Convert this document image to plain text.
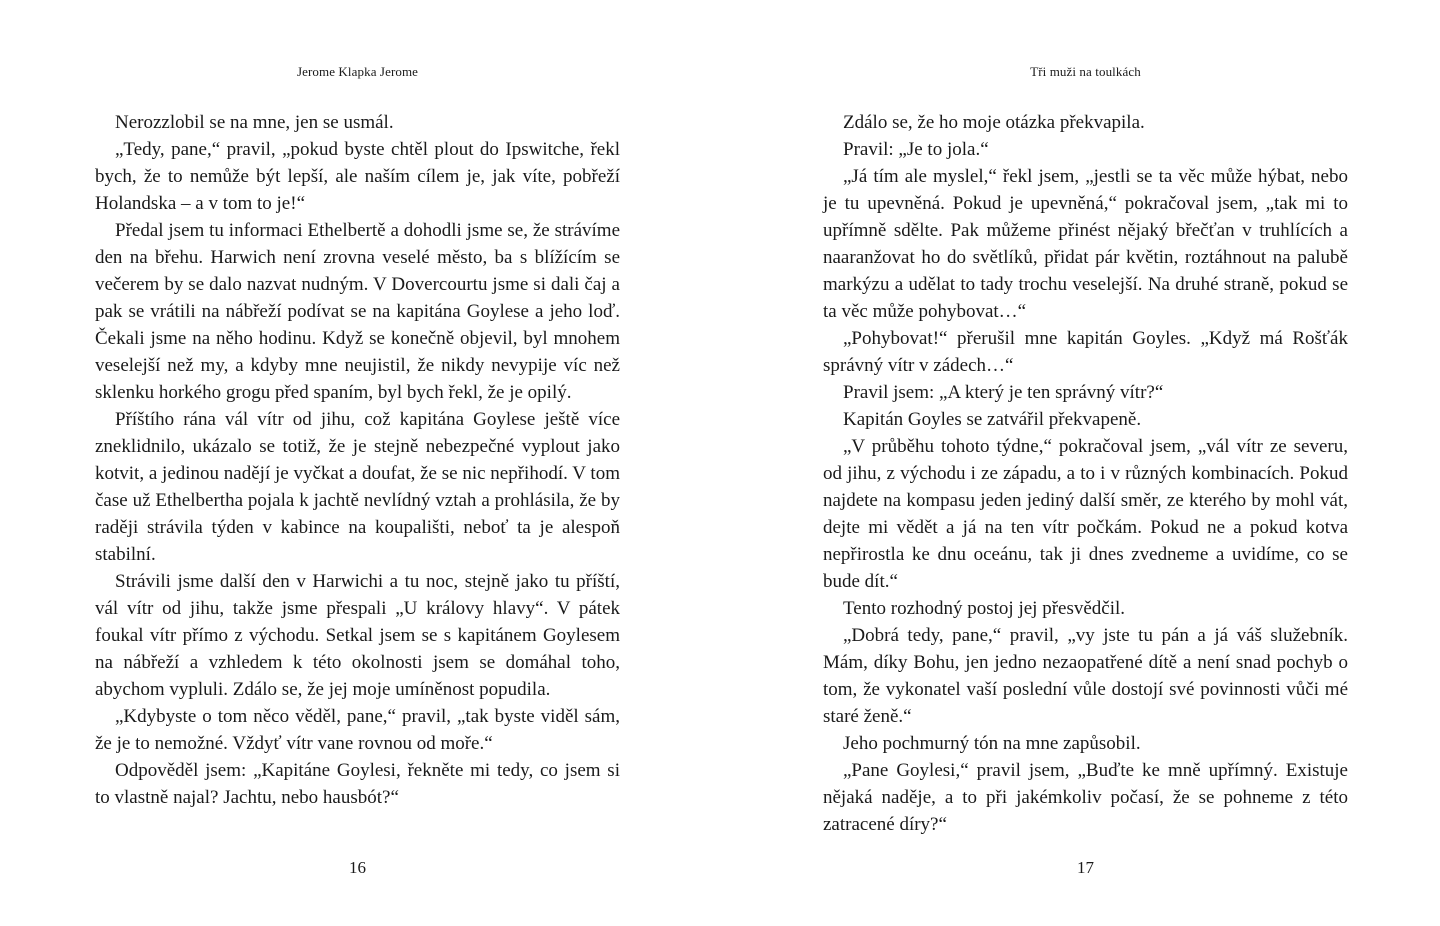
Jerome Klapka Jerome

Nerozzlobil se na mne, jen se usmál.

„Tedy, pane,“ pravil, „pokud byste chtěl plout do Ipswitche, řekl bych, že to nemůže být lepší, ale naším cílem je, jak víte, pobřeží Holandska – a v tom to je!“

Předal jsem tu informaci Ethelbertě a dohodli jsme se, že strávíme den na břehu. Harwich není zrovna veselé město, ba s blížícím se večerem by se dalo nazvat nudným. V Dovercourtu jsme si dali čaj a pak se vrátili na nábřeží podívat se na kapitána Goylese a jeho loď. Čekali jsme na něho hodinu. Když se konečně objevil, byl mnohem veselejší než my, a kdyby mne neujistil, že nikdy nevypije víc než sklenku horkého grogu před spaním, byl bych řekl, že je opilý.

Příštího rána vál vítr od jihu, což kapitána Goylese ještě více zneklidnilo, ukázalo se totiž, že je stejně nebezpečné vyplout jako kotvit, a jedinou nadějí je vyčkat a doufat, že se nic nepřihodí. V tom čase už Ethelbertha pojala k jachtě nevlídný vztah a prohlásila, že by raději strávila týden v kabince na koupališti, neboť ta je alespoň stabilní.

Strávili jsme další den v Harwichi a tu noc, stejně jako tu příští, vál vítr od jihu, takže jsme přespali „U královy hlavy“. V pátek foukal vítr přímo z východu. Setkal jsem se s kapitánem Goylesem na nábřeží a vzhledem k této okolnosti jsem se domáhal toho, abychom vypluli. Zdálo se, že jej moje umíněnost popudila.

„Kdybyste o tom něco věděl, pane,“ pravil, „tak byste viděl sám, že je to nemožné. Vždyť vítr vane rovnou od moře.“

Odpověděl jsem: „Kapitáne Goylesi, řekněte mi tedy, co jsem si to vlastně najal? Jachtu, nebo hausbót?“

16
Tři muži na toulkách

Zdálo se, že ho moje otázka překvapila.

Pravil: „Je to jola.“

„Já tím ale myslel,“ řekl jsem, „jestli se ta věc může hýbat, nebo je tu upevněná. Pokud je upevněná,“ pokračoval jsem, „tak mi to upřímně sdělte. Pak můžeme přinést nějaký břečťan v truhlících a naaranžovat ho do světlíků, přidat pár květin, roztáhnout na palubě markýzu a udělat to tady trochu veselejší. Na druhé straně, pokud se ta věc může pohybovat…“

„Pohybovat!“ přerušil mne kapitán Goyles. „Když má Rošťák správný vítr v zádech…“

Pravil jsem: „A který je ten správný vítr?“

Kapitán Goyles se zatvářil překvapeně.

„V průběhu tohoto týdne,“ pokračoval jsem, „vál vítr ze severu, od jihu, z východu i ze západu, a to i v různých kombinacích. Pokud najdete na kompasu jeden jediný další směr, ze kterého by mohl vát, dejte mi vědět a já na ten vítr počkám. Pokud ne a pokud kotva nepřirostla ke dnu oceánu, tak ji dnes zvedneme a uvidíme, co se bude dít.“

Tento rozhodný postoj jej přesvědčil.

„Dobrá tedy, pane,“ pravil, „vy jste tu pán a já váš služebník. Mám, díky Bohu, jen jedno nezaopatřené dítě a není snad pochyb o tom, že vykonatel vaší poslední vůle dostojí své povinnosti vůči mé staré ženě.“

Jeho pochmurný tón na mne zapůsobil.

„Pane Goylesi,“ pravil jsem, „Buďte ke mně upřímný. Existuje nějaká naděje, a to při jakémkoliv počasí, že se pohneme z této zatracené díry?“

17
